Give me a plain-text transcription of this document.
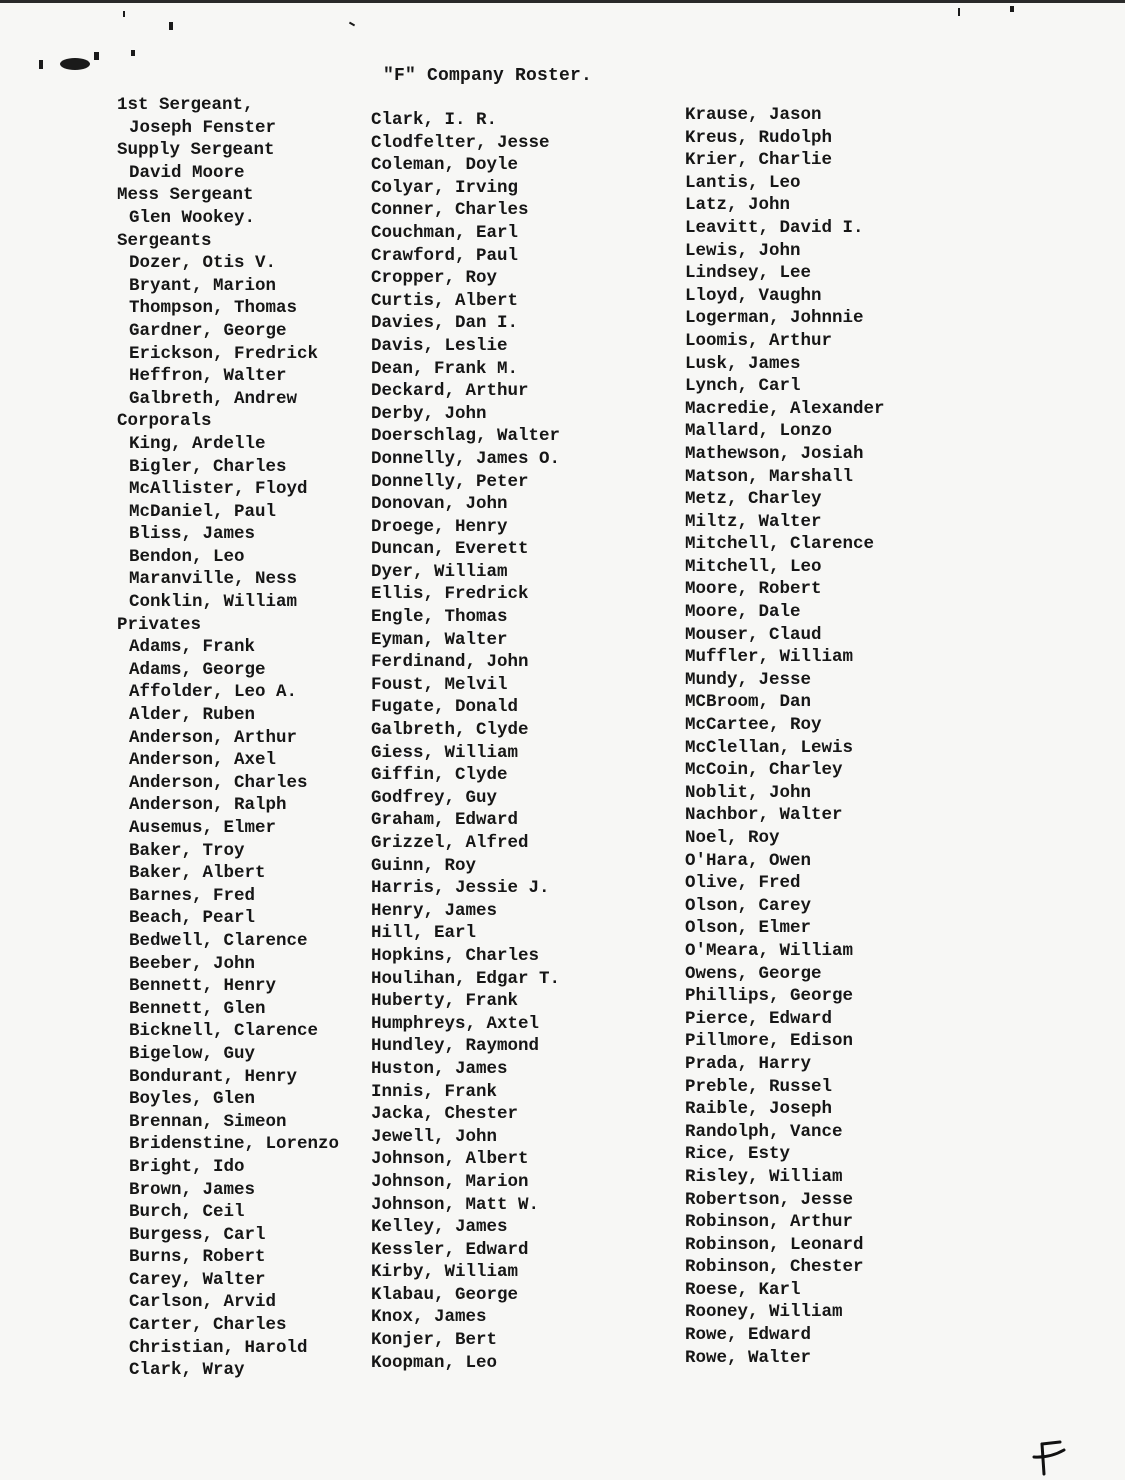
"F" Company Roster.
1st Sergeant,
Joseph Fenster
Supply Sergeant
David Moore
Mess Sergeant
Glen Wookey.
Sergeants
Dozer, Otis V.
Bryant, Marion
Thompson, Thomas
Gardner, George
Erickson, Fredrick
Heffron, Walter
Galbreth, Andrew
Corporals
King, Ardelle
Bigler, Charles
McAllister, Floyd
McDaniel, Paul
Bliss, James
Bendon, Leo
Maranville, Ness
Conklin, William
Privates
Adams, Frank
Adams, George
Affolder, Leo A.
Alder, Ruben
Anderson, Arthur
Anderson, Axel
Anderson, Charles
Anderson, Ralph
Ausemus, Elmer
Baker, Troy
Baker, Albert
Barnes, Fred
Beach, Pearl
Bedwell, Clarence
Beeber, John
Bennett, Henry
Bennett, Glen
Bicknell, Clarence
Bigelow, Guy
Bondurant, Henry
Boyles, Glen
Brennan, Simeon
Bridenstine, Lorenzo
Bright, Ido
Brown, James
Burch, Ceil
Burgess, Carl
Burns, Robert
Carey, Walter
Carlson, Arvid
Carter, Charles
Christian, Harold
Clark, Wray
Clark, I. R.
Clodfelter, Jesse
Coleman, Doyle
Colyar, Irving
Conner, Charles
Couchman, Earl
Crawford, Paul
Cropper, Roy
Curtis, Albert
Davies, Dan I.
Davis, Leslie
Dean, Frank M.
Deckard, Arthur
Derby, John
Doerschlag, Walter
Donnelly, James O.
Donnelly, Peter
Donovan, John
Droege, Henry
Duncan, Everett
Dyer, William
Ellis, Fredrick
Engle, Thomas
Eyman, Walter
Ferdinand, John
Foust, Melvil
Fugate, Donald
Galbreth, Clyde
Giess, William
Giffin, Clyde
Godfrey, Guy
Graham, Edward
Grizzel, Alfred
Guinn, Roy
Harris, Jessie J.
Henry, James
Hill, Earl
Hopkins, Charles
Houlihan, Edgar T.
Huberty, Frank
Humphreys, Axtel
Hundley, Raymond
Huston, James
Innis, Frank
Jacka, Chester
Jewell, John
Johnson, Albert
Johnson, Marion
Johnson, Matt W.
Kelley, James
Kessler, Edward
Kirby, William
Klabau, George
Knox, James
Konjer, Bert
Koopman, Leo
Krause, Jason
Kreus, Rudolph
Krier, Charlie
Lantis, Leo
Latz, John
Leavitt, David I.
Lewis, John
Lindsey, Lee
Lloyd, Vaughn
Logerman, Johnnie
Loomis, Arthur
Lusk, James
Lynch, Carl
Macredie, Alexander
Mallard, Lonzo
Mathewson, Josiah
Matson, Marshall
Metz, Charley
Miltz, Walter
Mitchell, Clarence
Mitchell, Leo
Moore, Robert
Moore, Dale
Mouser, Claud
Muffler, William
Mundy, Jesse
MCBroom, Dan
McCartee, Roy
McClellan, Lewis
McCoin, Charley
Noblit, John
Nachbor, Walter
Noel, Roy
O'Hara, Owen
Olive, Fred
Olson, Carey
Olson, Elmer
O'Meara, William
Owens, George
Phillips, George
Pierce, Edward
Pillmore, Edison
Prada, Harry
Preble, Russel
Raible, Joseph
Randolph, Vance
Rice, Esty
Risley, William
Robertson, Jesse
Robinson, Arthur
Robinson, Leonard
Robinson, Chester
Roese, Karl
Rooney, William
Rowe, Edward
Rowe, Walter
